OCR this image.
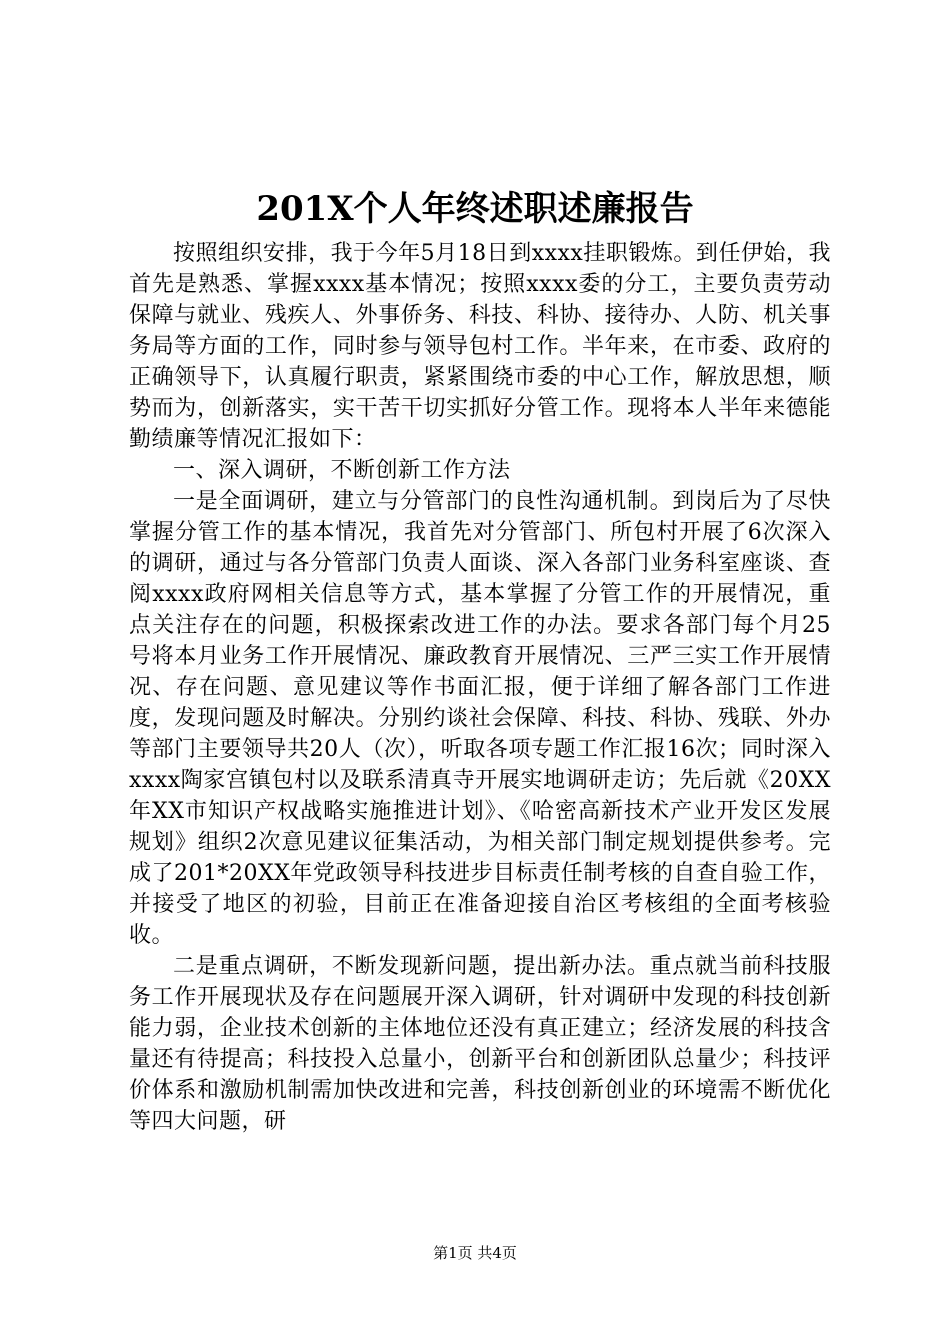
201X个人年终述职述廉报告

按照组织安排，我于今年5月18日到xxxx挂职锻炼。到任伊始，我首先是熟悉、掌握xxxx基本情况；按照xxxx委的分工，主要负责劳动保障与就业、残疾人、外事侨务、科技、科协、接待办、人防、机关事务局等方面的工作，同时参与领导包村工作。半年来，在市委、政府的正确领导下，认真履行职责，紧紧围绕市委的中心工作，解放思想，顺势而为，创新落实，实干苦干切实抓好分管工作。现将本人半年来德能勤绩廉等情况汇报如下：

一、深入调研，不断创新工作方法

一是全面调研，建立与分管部门的良性沟通机制。到岗后为了尽快掌握分管工作的基本情况，我首先对分管部门、所包村开展了6次深入的调研，通过与各分管部门负责人面谈、深入各部门业务科室座谈、查阅xxxx政府网相关信息等方式，基本掌握了分管工作的开展情况，重点关注存在的问题，积极探索改进工作的办法。要求各部门每个月25号将本月业务工作开展情况、廉政教育开展情况、三严三实工作开展情况、存在问题、意见建议等作书面汇报，便于详细了解各部门工作进度，发现问题及时解决。分别约谈社会保障、科技、科协、残联、外办等部门主要领导共20人（次），听取各项专题工作汇报16次；同时深入xxxx陶家宫镇包村以及联系清真寺开展实地调研走访；先后就《20XX年XX市知识产权战略实施推进计划》、《哈密高新技术产业开发区发展规划》组织2次意见建议征集活动，为相关部门制定规划提供参考。完成了201*20XX年党政领导科技进步目标责任制考核的自查自验工作，并接受了地区的初验，目前正在准备迎接自治区考核组的全面考核验收。

二是重点调研，不断发现新问题，提出新办法。重点就当前科技服务工作开展现状及存在问题展开深入调研，针对调研中发现的科技创新能力弱，企业技术创新的主体地位还没有真正建立；经济发展的科技含量还有待提高；科技投入总量小，创新平台和创新团队总量少；科技评价体系和激励机制需加快改进和完善，科技创新创业的环境需不断优化等四大问题，研

第1页 共4页
